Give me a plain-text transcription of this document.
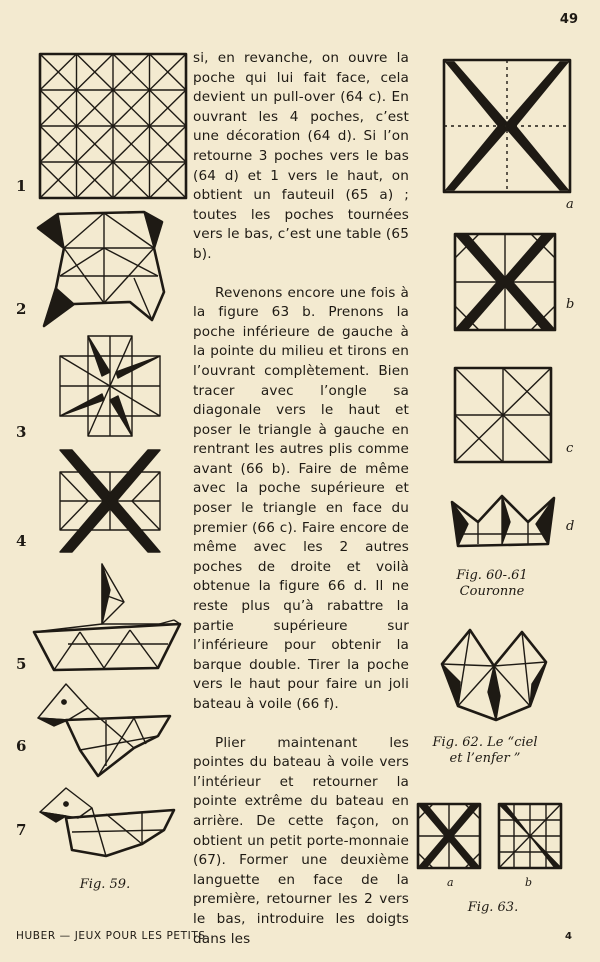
49
1
2
3
4
5
6
7
Fig. 59.

si, en revanche, on ouvre la poche qui lui fait face, cela devient un pull-over (64 c). En ouvrant les 4 poches, c’est une décoration (64 d). Si l’on retourne 3 poches vers le bas (64 d) et 1 vers le haut, on obtient un fauteuil (65 a) ; toutes les poches tournées vers le bas, c’est une table (65 b).

Revenons encore une fois à la figure 63 b. Prenons la poche inférieure de gauche à la pointe du milieu et tirons en l’ouvrant complètement. Bien tracer avec l’ongle sa diagonale vers le haut et poser le triangle à gauche en rentrant les autres plis comme avant (66 b). Faire de même avec la poche supérieure et poser le triangle en face du premier (66 c). Faire encore de même avec les 2 autres poches de droite et voilà obtenue la figure 66 d. Il ne reste plus qu’à rabattre la partie supérieure sur l’inférieure pour obtenir la barque double. Tirer la poche vers le haut pour faire un joli bateau à voile (66 f).

Plier maintenant les pointes du bateau à voile vers l’intérieur et retourner la pointe extrême du bateau en arrière. De cette façon, on obtient un petit porte-monnaie (67). Former une deuxième languette en face de la première, retourner les 2 vers le bas, introduire les doigts dans les

a
b
c
d
Fig. 60-.61
Couronne
Fig. 62. Le “ciel
et l’enfer ”
a	b
Fig. 63.
HUBER — JEUX POUR LES PETITS	4
